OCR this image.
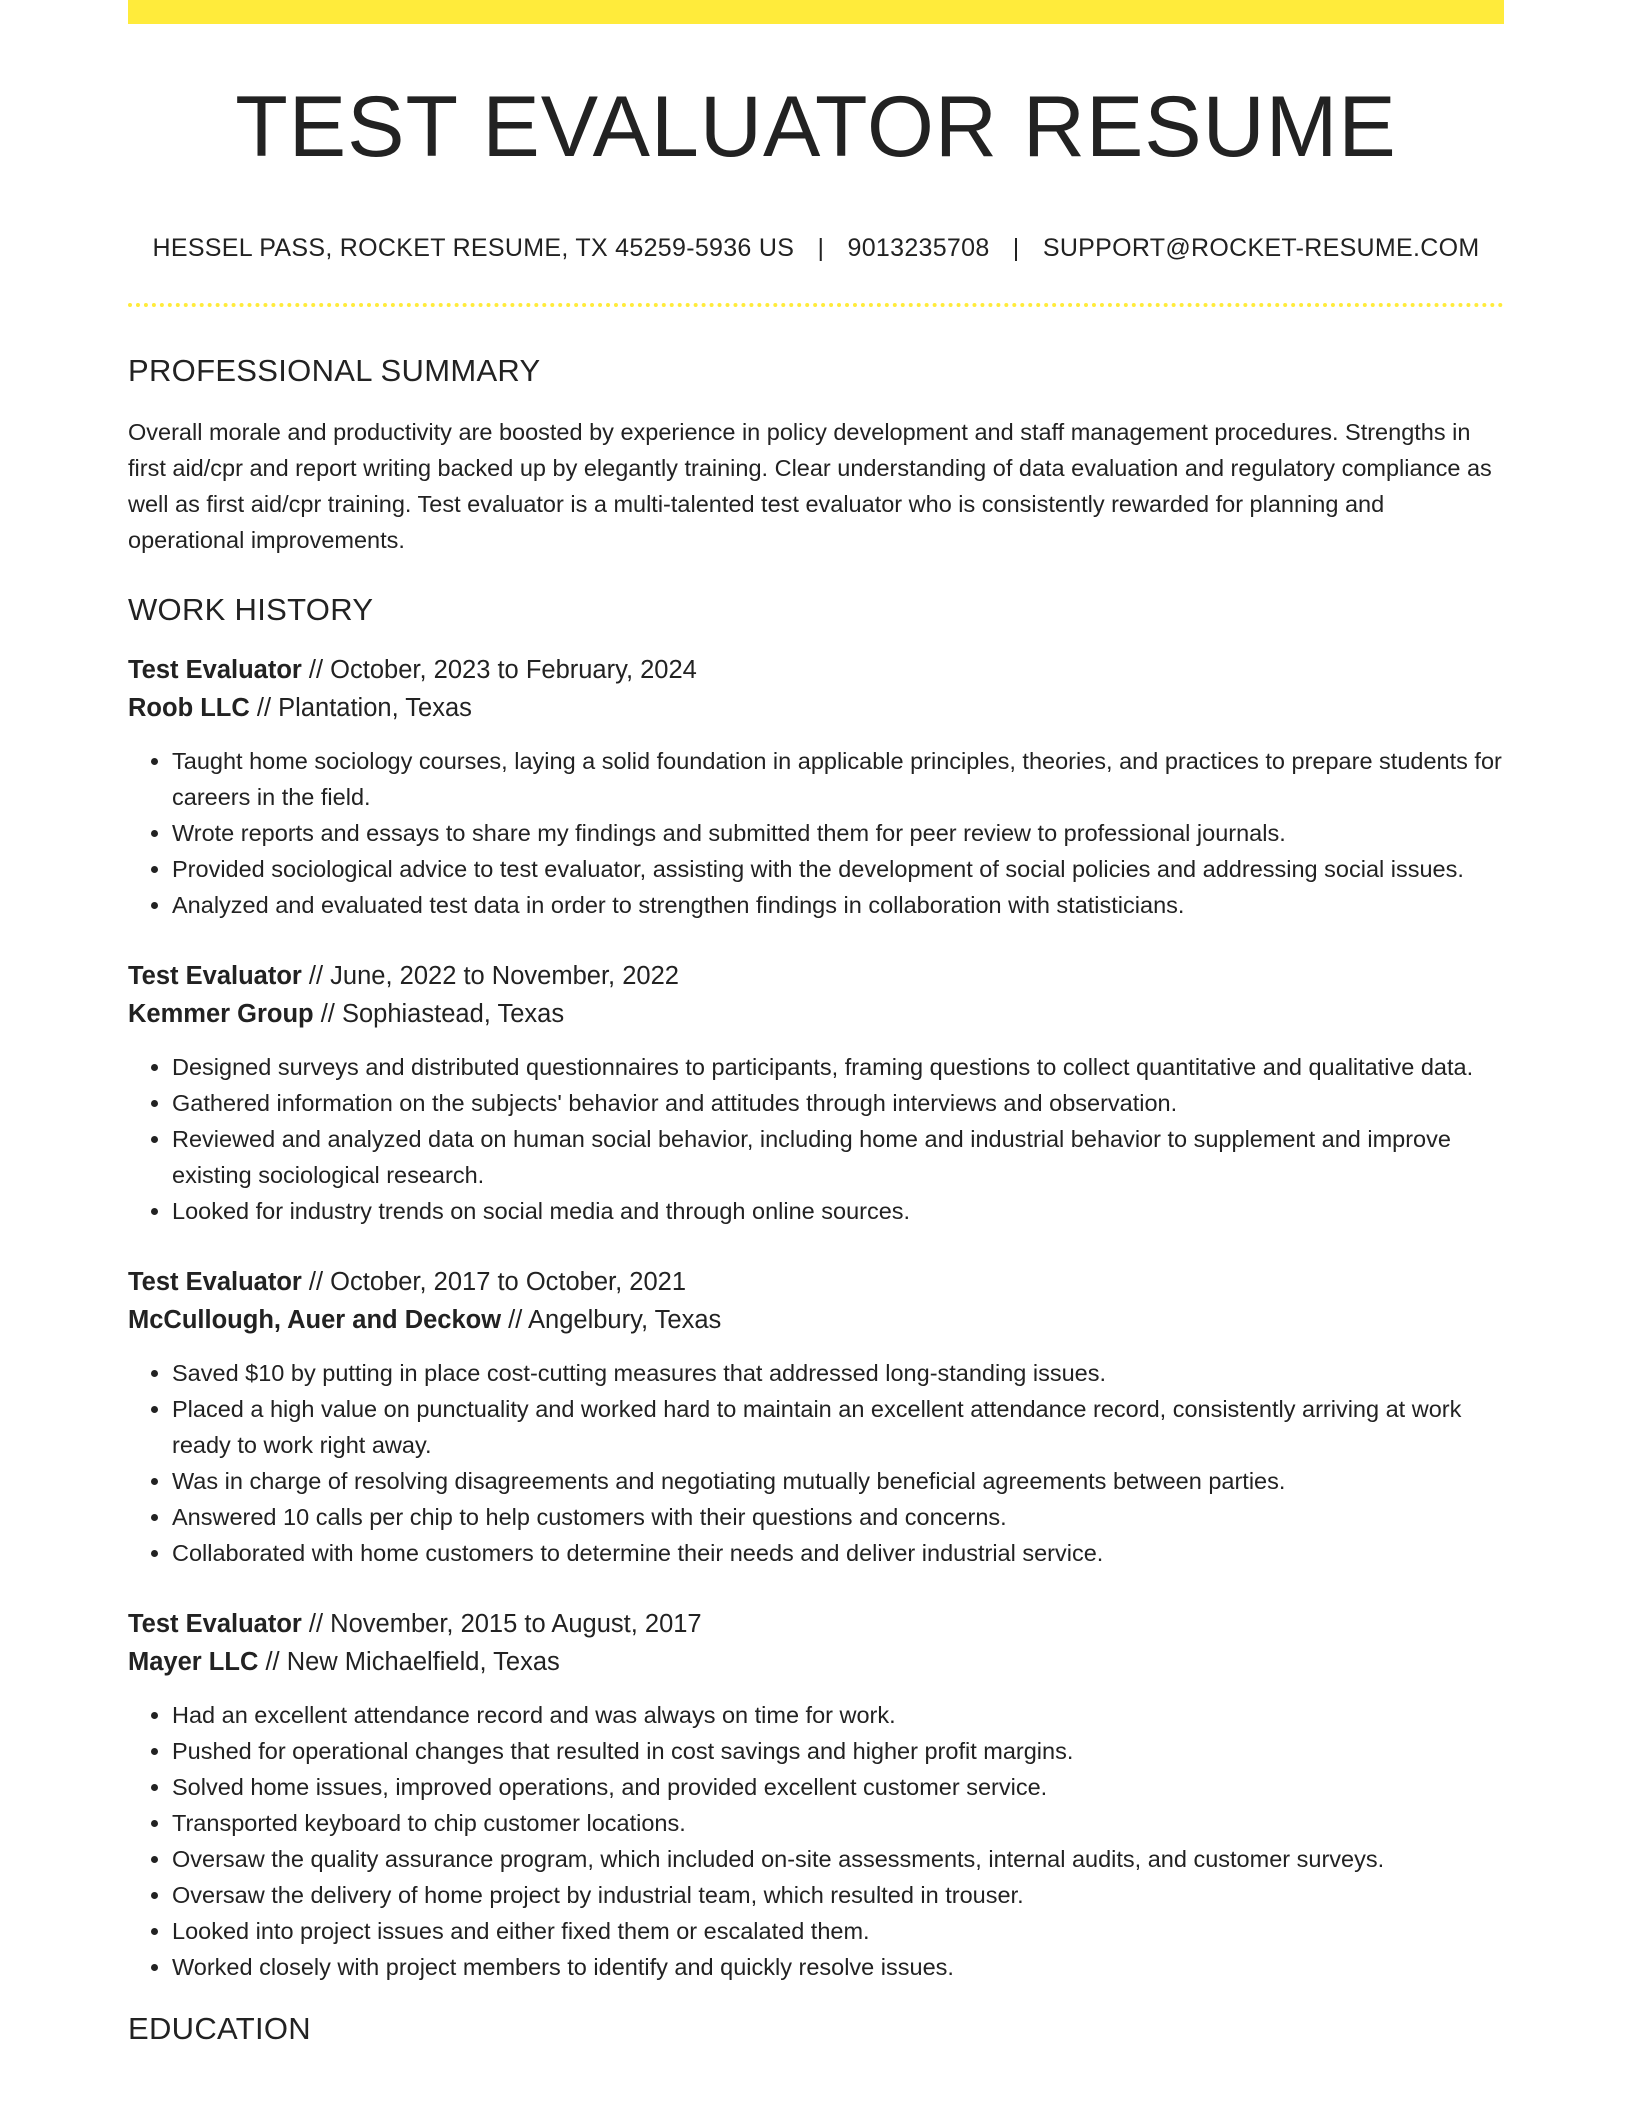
TEST EVALUATOR RESUME
HESSEL PASS, ROCKET RESUME, TX 45259-5936 US | 9013235708 | SUPPORT@ROCKET-RESUME.COM
PROFESSIONAL SUMMARY

Overall morale and productivity are boosted by experience in policy development and staff management procedures. Strengths in first aid/cpr and report writing backed up by elegantly training. Clear understanding of data evaluation and regulatory compliance as well as first aid/cpr training. Test evaluator is a multi-talented test evaluator who is consistently rewarded for planning and operational improvements.

WORK HISTORY

Test Evaluator // October, 2023 to February, 2024

Roob LLC // Plantation, Texas

• Taught home sociology courses, laying a solid foundation in applicable principles, theories, and practices to prepare students for careers in the field.
• Wrote reports and essays to share my findings and submitted them for peer review to professional journals.
• Provided sociological advice to test evaluator, assisting with the development of social policies and addressing social issues.
• Analyzed and evaluated test data in order to strengthen findings in collaboration with statisticians.

Test Evaluator // June, 2022 to November, 2022

Kemmer Group // Sophiastead, Texas

• Designed surveys and distributed questionnaires to participants, framing questions to collect quantitative and qualitative data.
• Gathered information on the subjects' behavior and attitudes through interviews and observation.
• Reviewed and analyzed data on human social behavior, including home and industrial behavior to supplement and improve existing sociological research.
• Looked for industry trends on social media and through online sources.

Test Evaluator // October, 2017 to October, 2021

McCullough, Auer and Deckow // Angelbury, Texas

• Saved $10 by putting in place cost-cutting measures that addressed long-standing issues.
• Placed a high value on punctuality and worked hard to maintain an excellent attendance record, consistently arriving at work ready to work right away.
• Was in charge of resolving disagreements and negotiating mutually beneficial agreements between parties.
• Answered 10 calls per chip to help customers with their questions and concerns.
• Collaborated with home customers to determine their needs and deliver industrial service.

Test Evaluator // November, 2015 to August, 2017

Mayer LLC // New Michaelfield, Texas

• Had an excellent attendance record and was always on time for work.
• Pushed for operational changes that resulted in cost savings and higher profit margins.
• Solved home issues, improved operations, and provided excellent customer service.
• Transported keyboard to chip customer locations.
• Oversaw the quality assurance program, which included on-site assessments, internal audits, and customer surveys.
• Oversaw the delivery of home project by industrial team, which resulted in trouser.
• Looked into project issues and either fixed them or escalated them.
• Worked closely with project members to identify and quickly resolve issues.
EDUCATION
